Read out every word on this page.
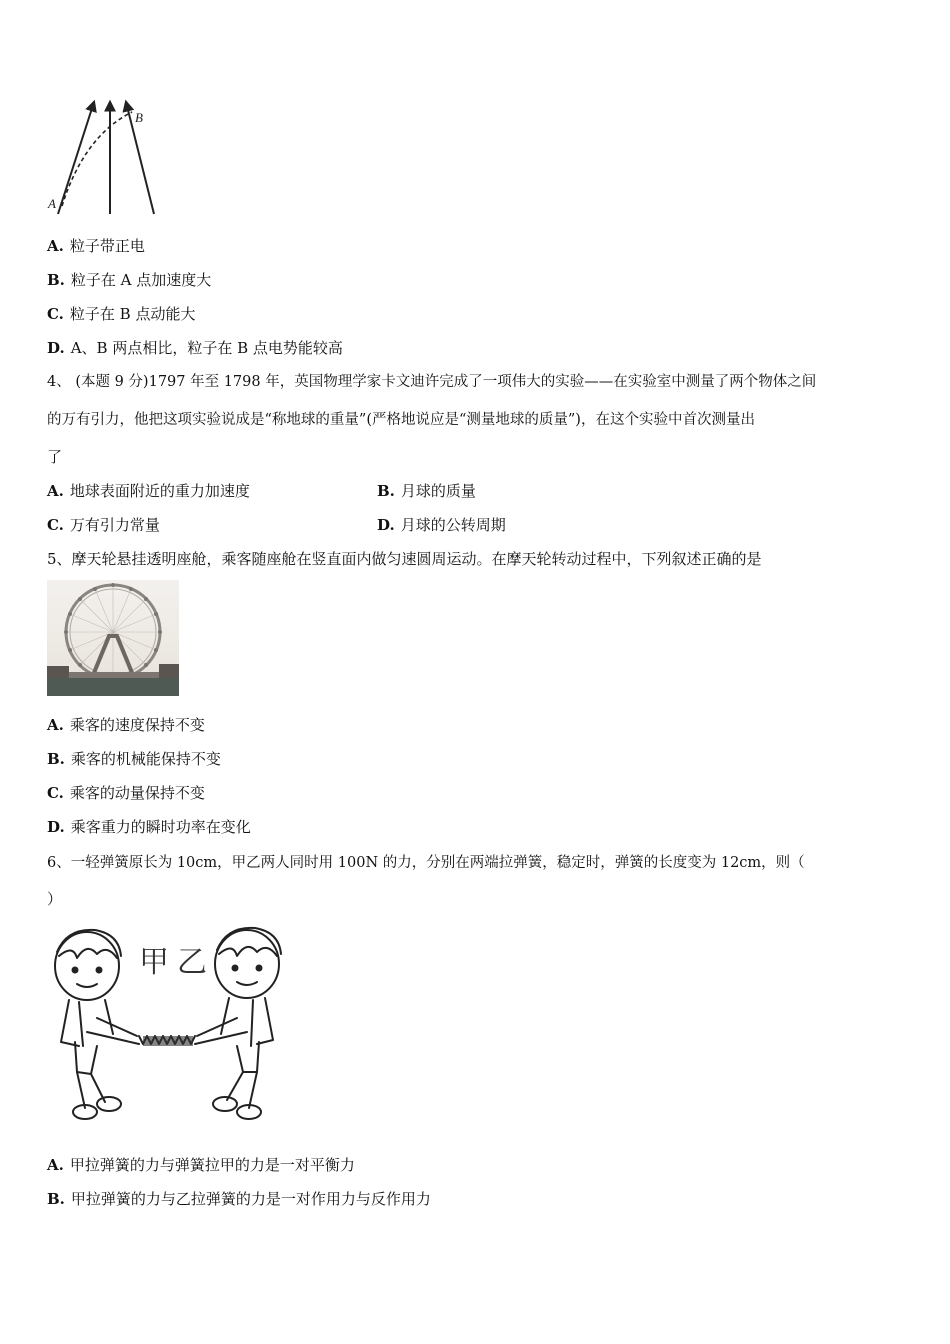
A
B
A. 粒子带正电
B. 粒子在 A 点加速度大
C. 粒子在 B 点动能大
D. A、B 两点相比，粒子在 B 点电势能较高
4、 (本题 9 分)1797 年至 1798 年，英国物理学家卡文迪许完成了一项伟大的实验——在实验室中测量了两个物体之间
的万有引力，他把这项实验说成是“称地球的重量”(严格地说应是“测量地球的质量”)，在这个实验中首次测量出
了
A. 地球表面附近的重力加速度	B. 月球的质量
C. 万有引力常量	D. 月球的公转周期
5、摩天轮悬挂透明座舱，乘客随座舱在竖直面内做匀速圆周运动。在摩天轮转动过程中，下列叙述正确的是
A. 乘客的速度保持不变
B. 乘客的机械能保持不变
C. 乘客的动量保持不变
D. 乘客重力的瞬时功率在变化
6、一轻弹簧原长为 10cm，甲乙两人同时用 100N 的力，分别在两端拉弹簧，稳定时，弹簧的长度变为 12cm，则（
）
甲 乙
A. 甲拉弹簧的力与弹簧拉甲的力是一对平衡力
B. 甲拉弹簧的力与乙拉弹簧的力是一对作用力与反作用力
